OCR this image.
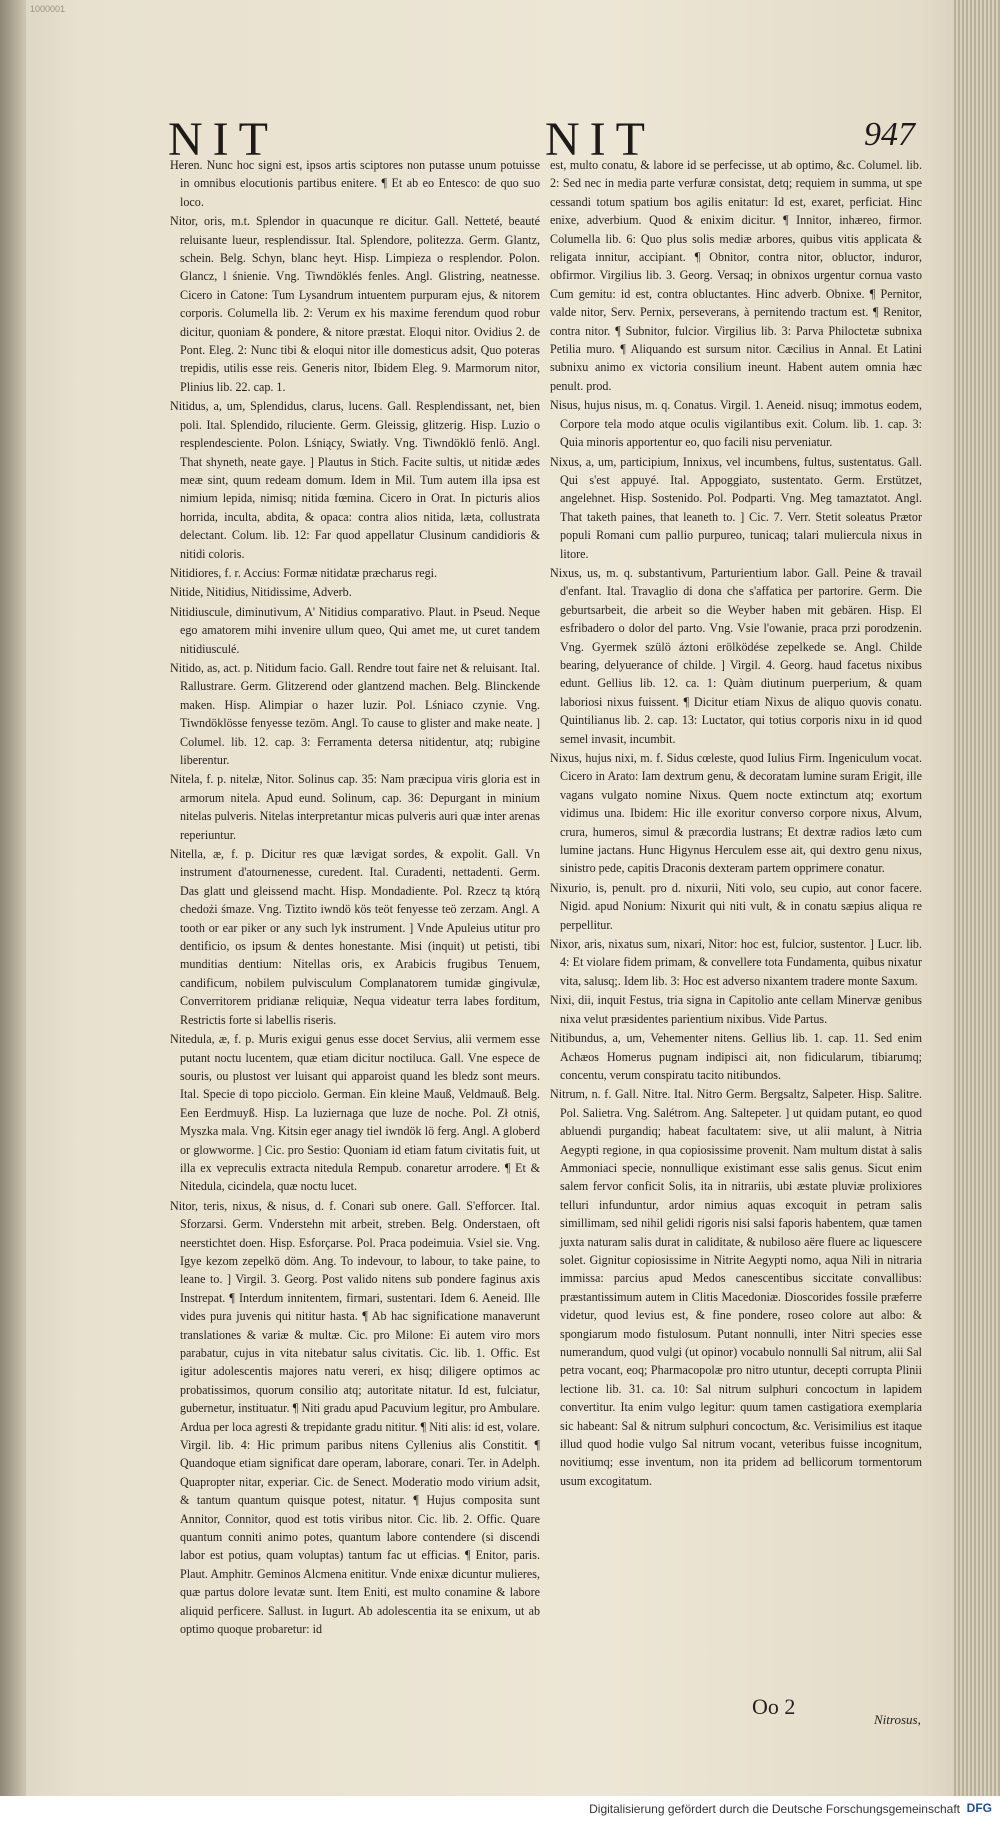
1000001
NIT	NIT	947

Heren. Nunc hoc signi est, ipsos artis sciptores non putasse unum potuisse in omnibus elocutionis partibus enitere. ¶ Et ab eo Entesco: de quo suo loco.

Nitor, oris, m.t. Splendor in quacunque re dicitur. Gall. Netteté, beauté reluisante lueur, resplendissur. Ital. Splendore, politezza. Germ. Glantz, schein. Belg. Schyn, blanc heyt. Hisp. Limpieza o resplendor. Polon. Glancz, l śnienie. Vng. Tiwndöklés fenles. Angl. Glistring, neatnesse. Cicero in Catone: Tum Lysandrum intuentem purpuram ejus, & nitorem corporis. Columella lib. 2: Verum ex his maxime ferendum quod robur dicitur, quoniam & pondere, & nitore præstat. Eloqui nitor. Ovidius 2. de Pont. Eleg. 2: Nunc tibi & eloqui nitor ille domesticus adsit, Quo poteras trepidis, utilis esse reis. Generis nitor, Ibidem Eleg. 9. Marmorum nitor, Plinius lib. 22. cap. 1.

Nitidus, a, um, Splendidus, clarus, lucens. Gall. Resplendissant, net, bien poli. Ital. Splendido, riluciente. Germ. Gleissig, glitzerig. Hisp. Luzio o resplendesciente. Polon. Lśniący, Swiatły. Vng. Tiwndöklö fenlö. Angl. That shyneth, neate gaye. ] Plautus in Stich. Facite sultis, ut nitidæ ædes meæ sint, quum redeam domum. Idem in Mil. Tum autem illa ipsa est nimium lepida, nimisq; nitida fœmina. Cicero in Orat. In picturis alios horrida, inculta, abdita, & opaca: contra alios nitida, læta, collustrata delectant. Colum. lib. 12: Far quod appellatur Clusinum candidioris & nitidi coloris.

Nitidiores, f. r. Accius: Formæ nitidatæ præcharus regi.

Nitide, Nitidius, Nitidissime, Adverb.

Nitidiuscule, diminutivum, A' Nitidius comparativo. Plaut. in Pseud. Neque ego amatorem mihi invenire ullum queo, Qui amet me, ut curet tandem nitidiusculé.

Nitido, as, act. p. Nitidum facio. Gall. Rendre tout faire net & reluisant. Ital. Rallustrare. Germ. Glitzerend oder glantzend machen. Belg. Blinckende maken. Hisp. Alimpiar o hazer luzir. Pol. Lśniaco czynie. Vng. Tiwndöklösse fenyesse tezöm. Angl. To cause to glister and make neate. ] Columel. lib. 12. cap. 3: Ferramenta detersa nitidentur, atq; rubigine liberentur.

Nitela, f. p. nitelæ, Nitor. Solinus cap. 35: Nam præcipua viris gloria est in armorum nitela. Apud eund. Solinum, cap. 36: Depurgant in minium nitelas pulveris. Nitelas interpretantur micas pulveris auri quæ inter arenas reperiuntur.

Nitella, æ, f. p. Dicitur res quæ lævigat sordes, & expolit. Gall. Vn instrument d'atournenesse, curedent. Ital. Curadenti, nettadenti. Germ. Das glatt und gleissend macht. Hisp. Mondadiente. Pol. Rzecz tą którą chedożi śmaze. Vng. Tiztito iwndö kös teöt fenyesse teö zerzam. Angl. A tooth or ear piker or any such lyk instrument. ] Vnde Apuleius utitur pro dentificio, os ipsum & dentes honestante. Misi (inquit) ut petisti, tibi munditias dentium: Nitellas oris, ex Arabicis frugibus Tenuem, candificum, nobilem pulvisculum Complanatorem tumidæ gingivulæ, Converritorem pridianæ reliquiæ, Nequa videatur terra labes forditum, Restrictis forte si labellis riseris.

Nitedula, æ, f. p. Muris exigui genus esse docet Servius, alii vermem esse putant noctu lucentem, quæ etiam dicitur noctiluca. Gall. Vne espece de souris, ou plustost ver luisant qui apparoist quand les bledz sont meurs. Ital. Specie di topo picciolo. German. Ein kleine Mauß, Veldmauß. Belg. Een Eerdmuyß. Hisp. La luziernaga que luze de noche. Pol. Zł otniś, Myszka mala. Vng. Kitsin eger anagy tiel iwndök lö ferg. Angl. A globerd or glowworme. ] Cic. pro Sestio: Quoniam id etiam fatum civitatis fuit, ut illa ex vepreculis extracta nitedula Rempub. conaretur arrodere. ¶ Et & Nitedula, cicindela, quæ noctu lucet.

Nitor, teris, nixus, & nisus, d. f. Conari sub onere. Gall. S'efforcer. Ital. Sforzarsi. Germ. Vnderstehn mit arbeit, streben. Belg. Onderstaen, oft neerstichtet doen. Hisp. Esforçarse. Pol. Praca podeimuia. Vsiel sie. Vng. Igye kezom zepelkö döm. Ang. To indevour, to labour, to take paine, to leane to. ] Virgil. 3. Georg. Post valido nitens sub pondere faginus axis Instrepat. ¶ Interdum innitentem, firmari, sustentari. Idem 6. Aeneid. Ille vides pura juvenis qui nititur hasta. ¶ Ab hac significatione manaverunt translationes & variæ & multæ. Cic. pro Milone: Ei autem viro mors parabatur, cujus in vita nitebatur salus civitatis. Cic. lib. 1. Offic. Est igitur adolescentis majores natu vereri, ex hisq; diligere optimos ac probatissimos, quorum consilio atq; autoritate nitatur. Id est, fulciatur, gubernetur, instituatur. ¶ Niti gradu apud Pacuvium legitur, pro Ambulare. Ardua per loca agresti & trepidante gradu nititur. ¶ Niti alis: id est, volare. Virgil. lib. 4: Hic primum paribus nitens Cyllenius alis Constitit. ¶ Quandoque etiam significat dare operam, laborare, conari. Ter. in Adelph. Quapropter nitar, experiar. Cic. de Senect. Moderatio modo virium adsit, & tantum quantum quisque potest, nitatur. ¶ Hujus composita sunt Annitor, Connitor, quod est totis viribus nitor. Cic. lib. 2. Offic. Quare quantum conniti animo potes, quantum labore contendere (si discendi labor est potius, quam voluptas) tantum fac ut efficias. ¶ Enitor, paris. Plaut. Amphitr. Geminos Alcmena enititur. Vnde enixæ dicuntur mulieres, quæ partus dolore levatæ sunt. Item Eniti, est multo conamine & labore aliquid perficere. Sallust. in Iugurt. Ab adolescentia ita se enixum, ut ab optimo quoque probaretur: id

est, multo conatu, & labore id se perfecisse, ut ab optimo, &c. Columel. lib. 2: Sed nec in media parte verfuræ consistat, detq; requiem in summa, ut spe cessandi totum spatium bos agilis enitatur: Id est, exaret, perficiat. Hinc enixe, adverbium. Quod & enixim dicitur. ¶ Innitor, inhæreo, firmor. Columella lib. 6: Quo plus solis mediæ arbores, quibus vitis applicata & religata innitur, accipiant. ¶ Obnitor, contra nitor, obluctor, induror, obfirmor. Virgilius lib. 3. Georg. Versaq; in obnixos urgentur cornua vasto Cum gemitu: id est, contra obluctantes. Hinc adverb. Obnixe. ¶ Pernitor, valde nitor, Serv. Pernix, perseverans, à pernitendo tractum est. ¶ Renitor, contra nitor. ¶ Subnitor, fulcior. Virgilius lib. 3: Parva Philoctetæ subnixa Petilia muro. ¶ Aliquando est sursum nitor. Cæcilius in Annal. Et Latini subnixu animo ex victoria consilium ineunt. Habent autem omnia hæc penult. prod.

Nisus, hujus nisus, m. q. Conatus. Virgil. 1. Aeneid. nisuq; immotus eodem, Corpore tela modo atque oculis vigilantibus exit. Colum. lib. 1. cap. 3: Quia minoris apportentur eo, quo facili nisu perveniatur.

Nixus, a, um, participium, Innixus, vel incumbens, fultus, sustentatus. Gall. Qui s'est appuyé. Ital. Appoggiato, sustentato. Germ. Erstützet, angelehnet. Hisp. Sostenido. Pol. Podparti. Vng. Meg tamaztatot. Angl. That taketh paines, that leaneth to. ] Cic. 7. Verr. Stetit soleatus Prætor populi Romani cum pallio purpureo, tunicaq; talari muliercula nixus in litore.

Nixus, us, m. q. substantivum, Parturientium labor. Gall. Peine & travail d'enfant. Ital. Travaglio di dona che s'affatica per partorire. Germ. Die geburtsarbeit, die arbeit so die Weyber haben mit gebären. Hisp. El esfribadero o dolor del parto. Vng. Vsie l'owanie, praca przi porodzenin. Vng. Gyermek szülö áztoni erölködése zepelkede se. Angl. Childe bearing, delyuerance of childe. ] Virgil. 4. Georg. haud facetus nixibus edunt. Gellius lib. 12. ca. 1: Quàm diutinum puerperium, & quam laboriosi nixus fuissent. ¶ Dicitur etiam Nixus de aliquo quovis conatu. Quintilianus lib. 2. cap. 13: Luctator, qui totius corporis nixu in id quod semel invasit, incumbit.

Nixus, hujus nixi, m. f. Sidus cœleste, quod Iulius Firm. Ingeniculum vocat. Cicero in Arato: Iam dextrum genu, & decoratam lumine suram Erigit, ille vagans vulgato nomine Nixus. Quem nocte extinctum atq; exortum vidimus una. Ibidem: Hic ille exoritur converso corpore nixus, Alvum, crura, humeros, simul & præcordia lustrans; Et dextræ radios læto cum lumine jactans. Hunc Higynus Herculem esse ait, qui dextro genu nixus, sinistro pede, capitis Draconis dexteram partem opprimere conatur.

Nixurio, is, penult. pro d. nixurii, Niti volo, seu cupio, aut conor facere. Nigid. apud Nonium: Nixurit qui niti vult, & in conatu sæpius aliqua re perpellitur.

Nixor, aris, nixatus sum, nixari, Nitor: hoc est, fulcior, sustentor. ] Lucr. lib. 4: Et violare fidem primam, & convellere tota Fundamenta, quibus nixatur vita, salusq;. Idem lib. 3: Hoc est adverso nixantem tradere monte Saxum.

Nixi, dii, inquit Festus, tria signa in Capitolio ante cellam Minervæ genibus nixa velut præsidentes parientium nixibus. Vide Partus.

Nitibundus, a, um, Vehementer nitens. Gellius lib. 1. cap. 11. Sed enim Achæos Homerus pugnam indipisci ait, non fidicularum, tibiarumq; concentu, verum conspiratu tacito nitibundos.

Nitrum, n. f. Gall. Nitre. Ital. Nitro Germ. Bergsaltz, Salpeter. Hisp. Salitre. Pol. Salietra. Vng. Salétrom. Ang. Saltepeter. ] ut quidam putant, eo quod abluendi purgandiq; habeat facultatem: sive, ut alii malunt, à Nitria Aegypti regione, in qua copiosissime provenit. Nam multum distat à salis Ammoniaci specie, nonnullique existimant esse salis genus. Sicut enim salem fervor conficit Solis, ita in nitrariis, ubi æstate pluviæ prolixiores telluri infunduntur, ardor nimius aquas excoquit in petram salis simillimam, sed nihil gelidi rigoris nisi salsi faporis habentem, quæ tamen juxta naturam salis durat in caliditate, & nubiloso aëre fluere ac liquescere solet. Gignitur copiosissime in Nitrite Aegypti nomo, aqua Nili in nitraria immissa: parcius apud Medos canescentibus siccitate convallibus: præstantissimum autem in Clitis Macedoniæ. Dioscorides fossile præferre videtur, quod levius est, & fine pondere, roseo colore aut albo: & spongiarum modo fistulosum. Putant nonnulli, inter Nitri species esse numerandum, quod vulgi (ut opinor) vocabulo nonnulli Sal nitrum, alii Sal petra vocant, eoq; Pharmacopolæ pro nitro utuntur, decepti corrupta Plinii lectione lib. 31. ca. 10: Sal nitrum sulphuri concoctum in lapidem convertitur. Ita enim vulgo legitur: quum tamen castigatiora exemplaria sic habeant: Sal & nitrum sulphuri concoctum, &c. Verisimilius est itaque illud quod hodie vulgo Sal nitrum vocant, veteribus fuisse incognitum, novitiumq; esse inventum, non ita pridem ad bellicorum tormentorum usum excogitatum.

Oo 2
Nitrosus,
Digitalisierung gefördert durch die Deutsche Forschungsgemeinschaft DFG
